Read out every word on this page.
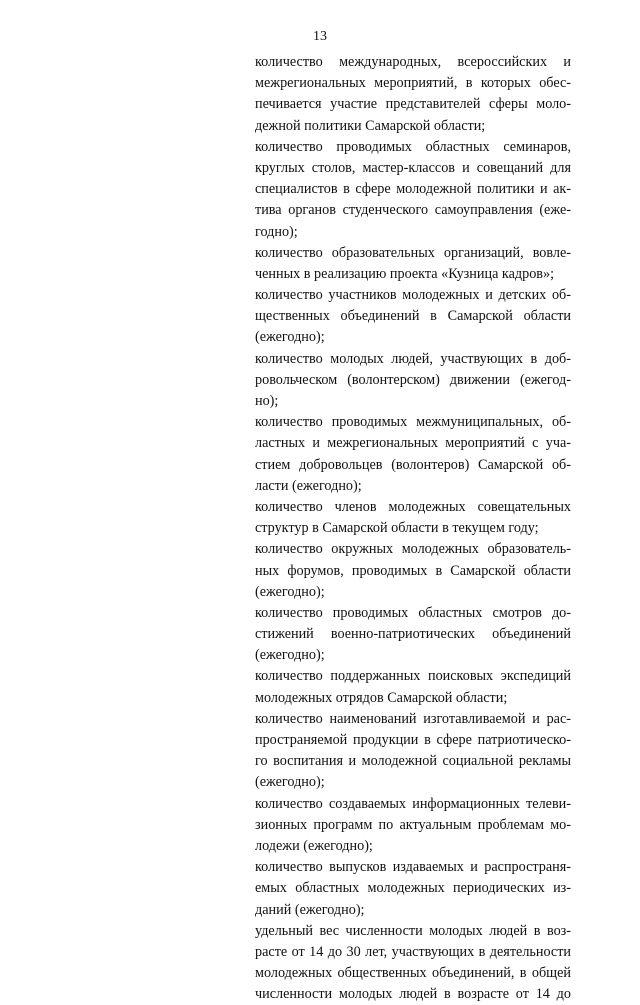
13
количество международных, всероссийских и
межрегиональных мероприятий, в которых обес-
печивается участие представителей сферы моло-
дежной политики Самарской области;
количество проводимых областных семинаров,
круглых столов, мастер-классов и совещаний для
специалистов в сфере молодежной политики и ак-
тива органов студенческого самоуправления (еже-
годно);
количество образовательных организаций, вовле-
ченных в реализацию проекта «Кузница кадров»;
количество участников молодежных и детских об-
щественных объединений в Самарской области
(ежегодно);
количество молодых людей, участвующих в доб-
ровольческом (волонтерском) движении (ежегод-
но);
количество проводимых межмуниципальных, об-
ластных и межрегиональных мероприятий с уча-
стием добровольцев (волонтеров) Самарской об-
ласти (ежегодно);
количество членов молодежных совещательных
структур в Самарской области в текущем году;
количество окружных молодежных образователь-
ных форумов, проводимых в Самарской области
(ежегодно);
количество проводимых областных смотров до-
стижений военно-патриотических объединений
(ежегодно);
количество поддержанных поисковых экспедиций
молодежных отрядов Самарской области;
количество наименований изготавливаемой и рас-
пространяемой продукции в сфере патриотическо-
го воспитания и молодежной социальной рекламы
(ежегодно);
количество создаваемых информационных телеви-
зионных программ по актуальным проблемам мо-
лодежи (ежегодно);
количество выпусков издаваемых и распространя-
емых областных молодежных периодических из-
даний (ежегодно);
удельный вес численности молодых людей в воз-
расте от 14 до 30 лет, участвующих в деятельности
молодежных общественных объединений, в общей
численности молодых людей в возрасте от 14 до
